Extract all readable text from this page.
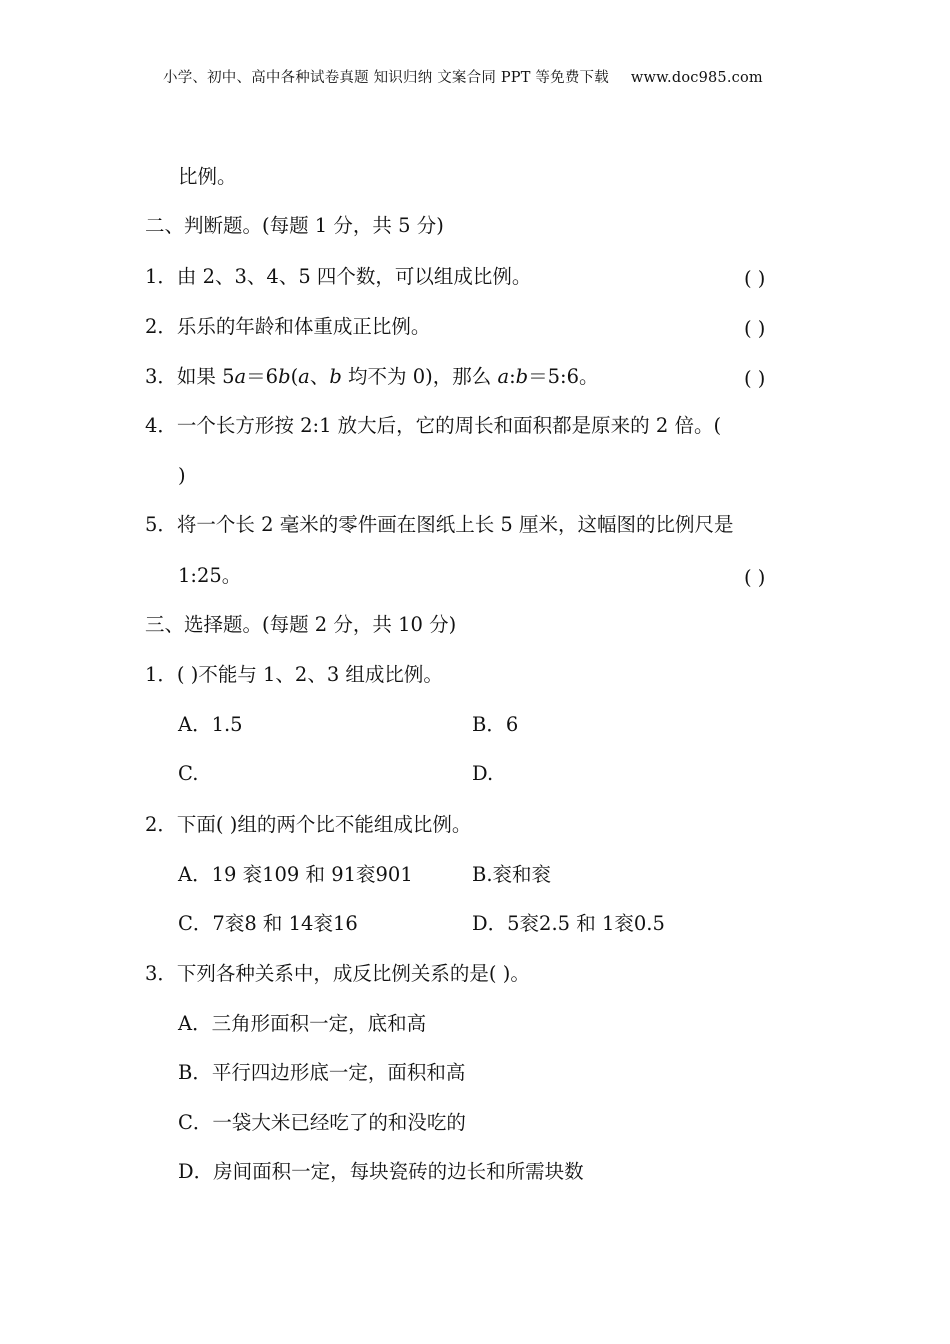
小学、初中、高中各种试卷真题 知识归纳 文案合同 PPT 等免费下载 www.doc985.com
比例。
二、判断题。(每题 1 分，共 5 分)
1．由 2、3、4、5 四个数，可以组成比例。	( )
2．乐乐的年龄和体重成正比例。	( )
3．如果 5a＝6b(a、b 均不为 0)，那么 a:b＝5:6。	( )
4．一个长方形按 2:1 放大后，它的周长和面积都是原来的 2 倍。(
)
5．将一个长 2 毫米的零件画在图纸上长 5 厘米，这幅图的比例尺是
1:25。	( )
三、选择题。(每题 2 分，共 10 分)
1．( )不能与 1、2、3 组成比例。
A．1.5	B．6
C.	D.
2．下面( )组的两个比不能组成比例。
A．19 衮109 和 91衮901	B.衮和衮
C．7衮8 和 14衮16	D．5衮2.5 和 1衮0.5
3．下列各种关系中，成反比例关系的是( )。
A．三角形面积一定，底和高
B．平行四边形底一定，面积和高
C．一袋大米已经吃了的和没吃的
D．房间面积一定，每块瓷砖的边长和所需块数
